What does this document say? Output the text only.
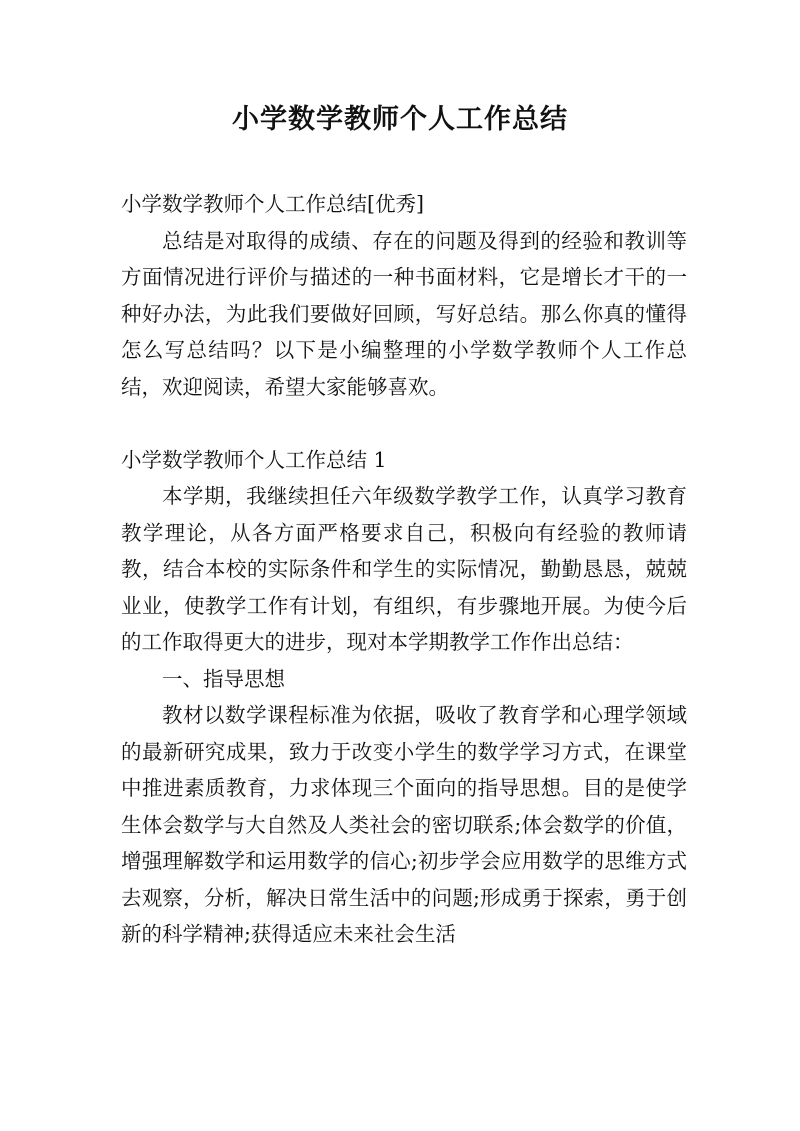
小学数学教师个人工作总结

小学数学教师个人工作总结[优秀]

总结是对取得的成绩、存在的问题及得到的经验和教训等方面情况进行评价与描述的一种书面材料，它是增长才干的一种好办法，为此我们要做好回顾，写好总结。那么你真的懂得怎么写总结吗？以下是小编整理的小学数学教师个人工作总结，欢迎阅读，希望大家能够喜欢。

小学数学教师个人工作总结 1

本学期，我继续担任六年级数学教学工作，认真学习教育教学理论，从各方面严格要求自己，积极向有经验的教师请教，结合本校的实际条件和学生的实际情况，勤勤恳恳，兢兢业业，使教学工作有计划，有组织，有步骤地开展。为使今后的工作取得更大的进步，现对本学期教学工作作出总结：

一、指导思想

教材以数学课程标准为依据，吸收了教育学和心理学领域的最新研究成果，致力于改变小学生的数学学习方式，在课堂中推进素质教育，力求体现三个面向的指导思想。目的是使学生体会数学与大自然及人类社会的密切联系;体会数学的价值，增强理解数学和运用数学的信心;初步学会应用数学的思维方式去观察，分析，解决日常生活中的问题;形成勇于探索，勇于创新的科学精神;获得适应未来社会生活
